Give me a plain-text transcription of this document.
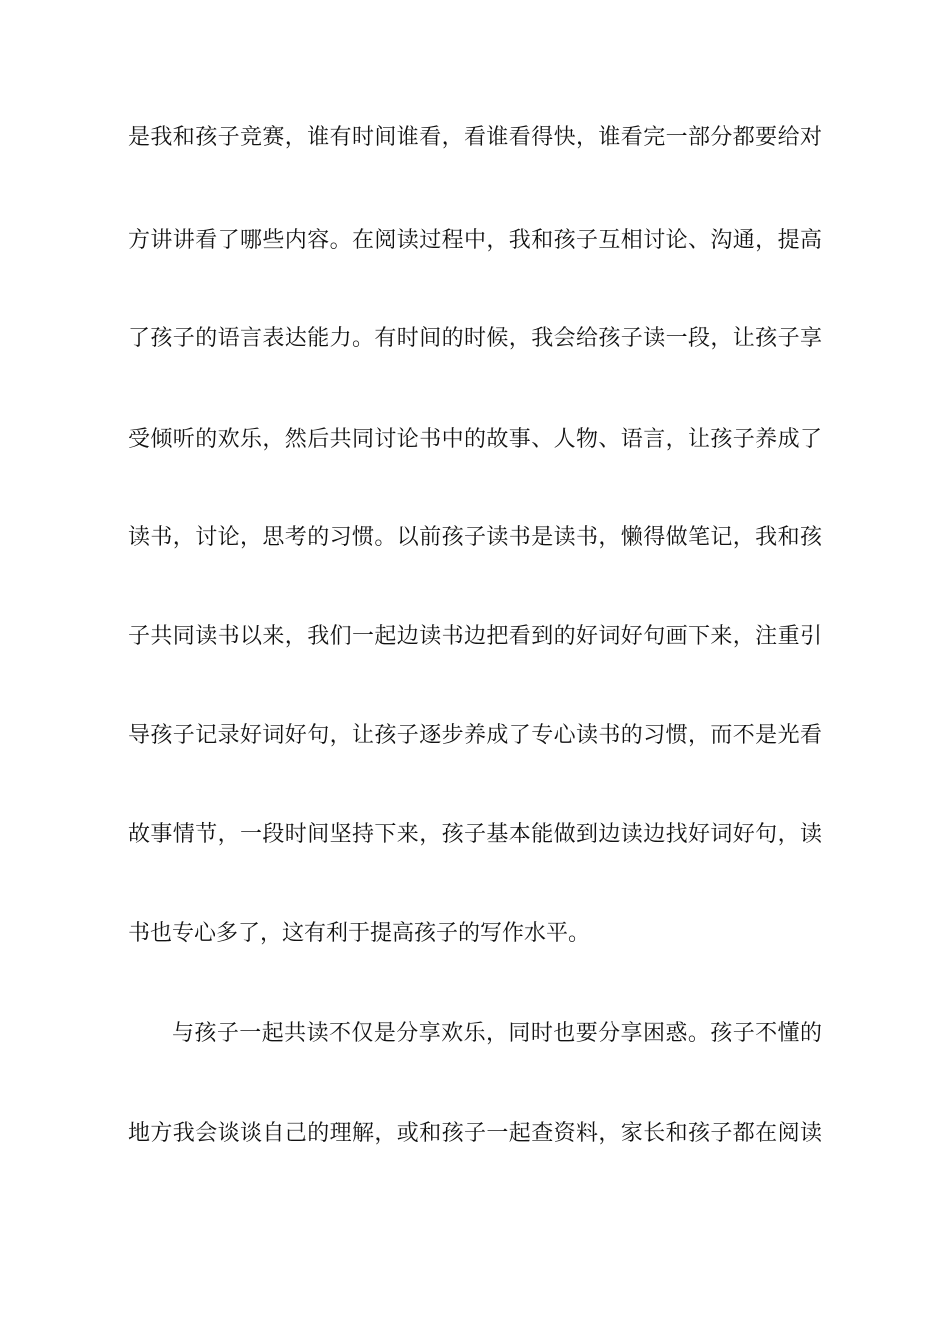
是我和孩子竞赛，谁有时间谁看，看谁看得快，谁看完一部分都要给对
方讲讲看了哪些内容。在阅读过程中，我和孩子互相讨论、沟通，提高
了孩子的语言表达能力。有时间的时候，我会给孩子读一段，让孩子享
受倾听的欢乐，然后共同讨论书中的故事、人物、语言，让孩子养成了
读书，讨论，思考的习惯。以前孩子读书是读书，懒得做笔记，我和孩
子共同读书以来，我们一起边读书边把看到的好词好句画下来，注重引
导孩子记录好词好句，让孩子逐步养成了专心读书的习惯，而不是光看
故事情节，一段时间坚持下来，孩子基本能做到边读边找好词好句，读
书也专心多了，这有利于提高孩子的写作水平。
与孩子一起共读不仅是分享欢乐，同时也要分享困惑。孩子不懂的
地方我会谈谈自己的理解，或和孩子一起查资料，家长和孩子都在阅读
